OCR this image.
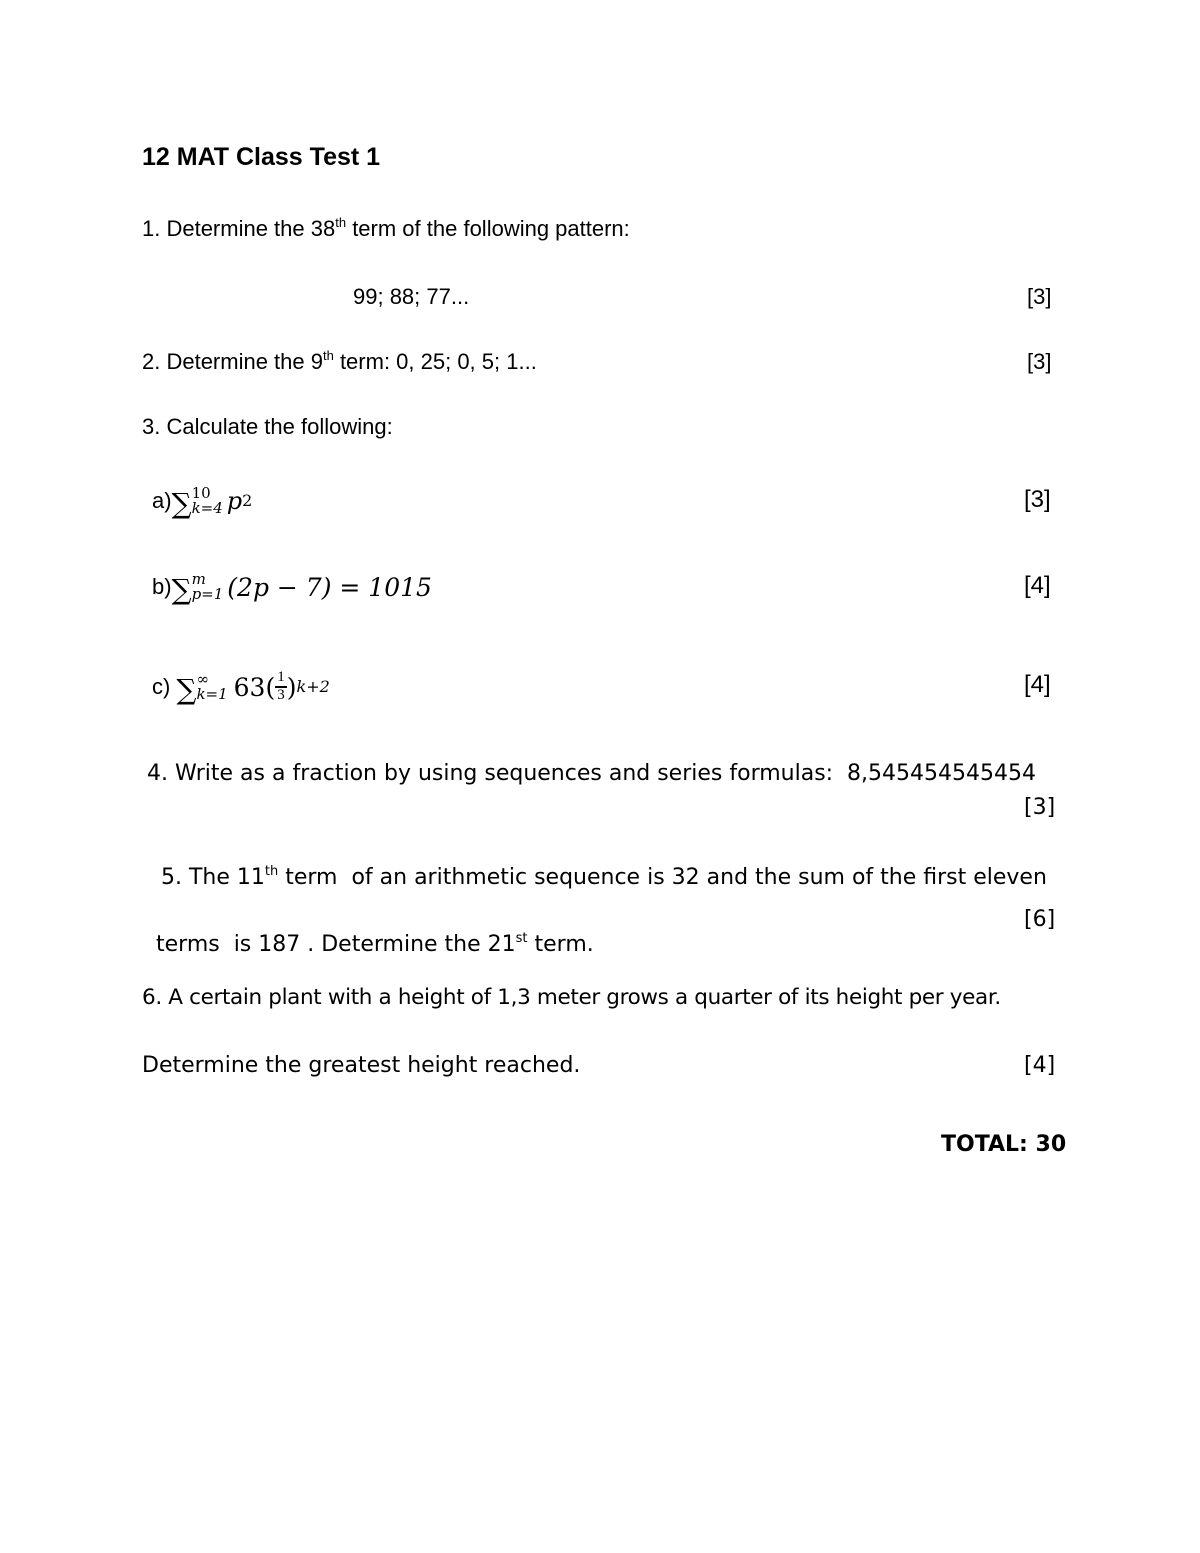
12 MAT Class Test 1
1. Determine the 38th term of the following pattern:
99; 88; 77...	[3]
2. Determine the 9th term: 0, 25; 0, 5; 1...	[3]
3. Calculate the following:
a) ∑ 10
k=4 p 2	[3]
b) ∑ m
p=1 (2p − 7) = 1015	[4]
c) ∑ ∞
k=1 $63( \frac{1}{3}$ ) k+2	[4]
4. Write as a fraction by using sequences and series formulas:  8,545454545454
[3]

5. The 11th term  of an arithmetic sequence is 32 and the sum of the first eleven

terms  is 187 . Determine the 21st term.

[6]
6. A certain plant with a height of 1,3 meter grows a quarter of its height per year.
Determine the greatest height reached.	[4]
TOTAL: 30
